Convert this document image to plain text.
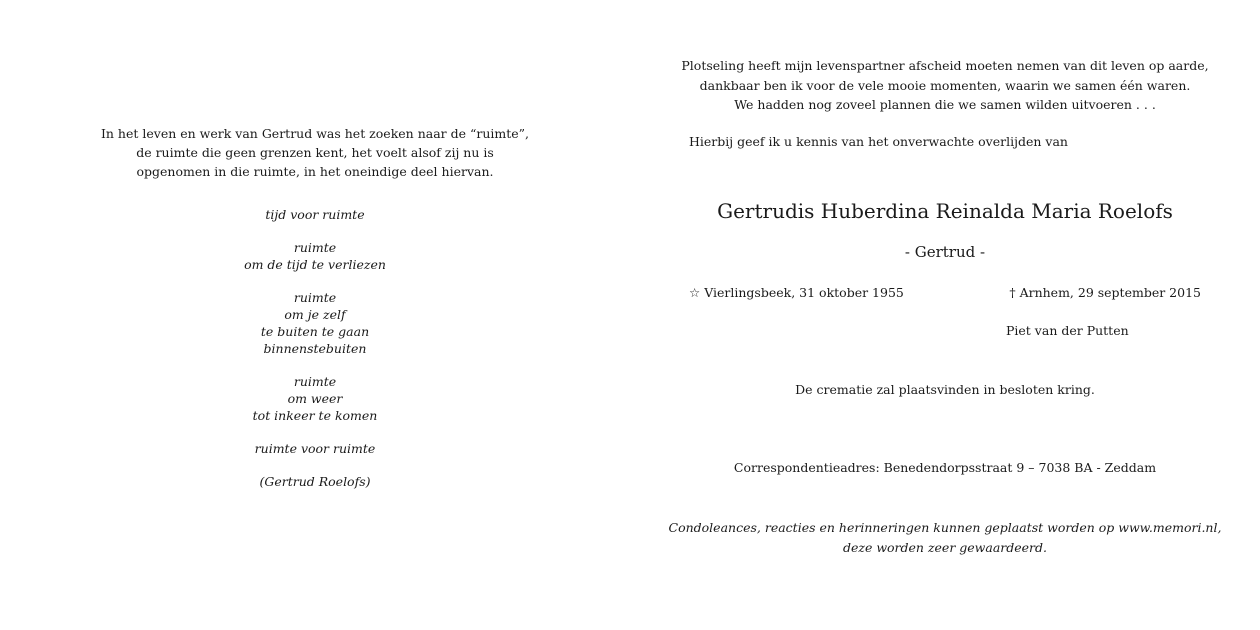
In het leven en werk van Gertrud was het zoeken naar de “ruimte”,
de ruimte die geen grenzen kent, het voelt alsof zij nu is
opgenomen in die ruimte, in het oneindige deel hiervan.
tijd voor ruimte
ruimte
om de tijd te verliezen
ruimte
om je zelf
te buiten te gaan
binnenstebuiten
ruimte
om weer
tot inkeer te komen
ruimte voor ruimte
(Gertrud Roelofs)
Plotseling heeft mijn levenspartner afscheid moeten nemen van dit leven op aarde,
dankbaar ben ik voor de vele mooie momenten, waarin we samen één waren.
We hadden nog zoveel plannen die we samen wilden uitvoeren . . .
Hierbij geef ik u kennis van het onverwachte overlijden van
Gertrudis Huberdina Reinalda Maria Roelofs
- Gertrud -
☆ Vierlingsbeek, 31 oktober 1955	† Arnhem, 29 september 2015
Piet van der Putten
De crematie zal plaatsvinden in besloten kring.
Correspondentieadres: Benedendorpsstraat 9 – 7038 BA - Zeddam
Condoleances, reacties en herinneringen kunnen geplaatst worden op www.memori.nl,
deze worden zeer gewaardeerd.
